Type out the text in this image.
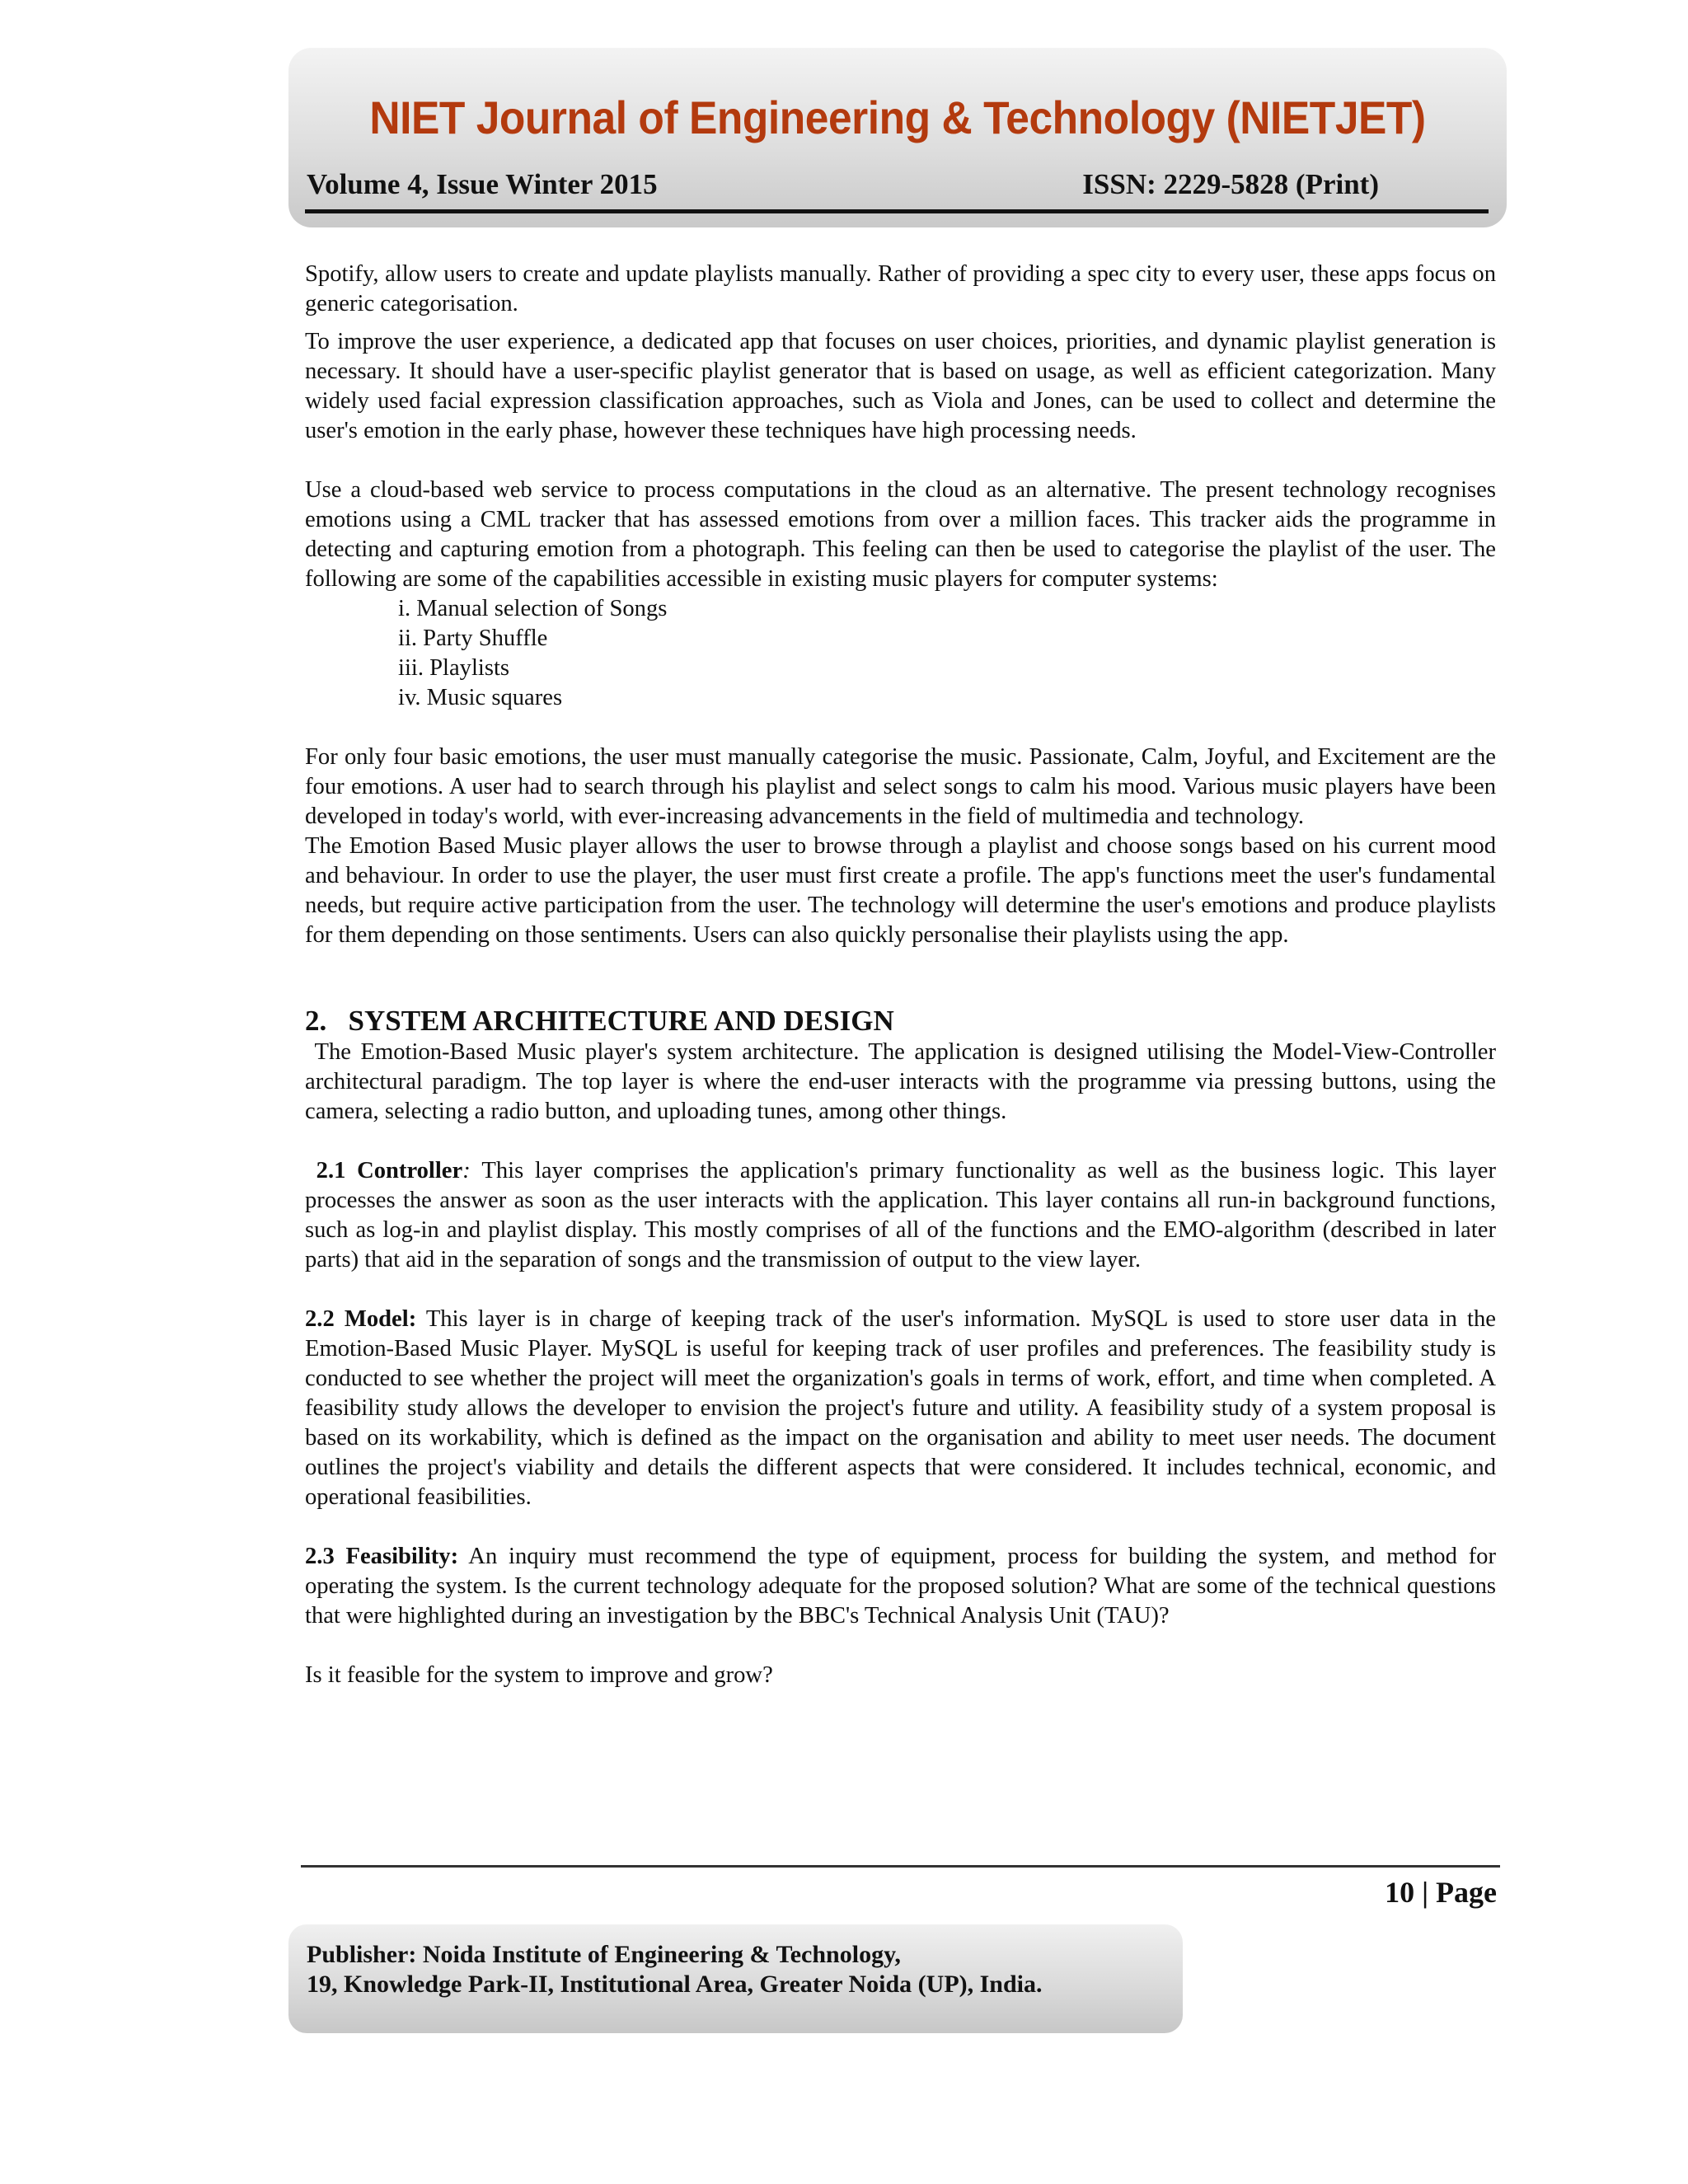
NIET Journal of Engineering & Technology (NIETJET)
Volume 4, Issue Winter 2015	ISSN: 2229-5828 (Print)

Spotify, allow users to create and update playlists manually. Rather of providing a spec city to every user, these apps focus on generic categorisation.

To improve the user experience, a dedicated app that focuses on user choices, priorities, and dynamic playlist generation is necessary. It should have a user-specific playlist generator that is based on usage, as well as efficient categorization. Many widely used facial expression classification approaches, such as Viola and Jones, can be used to collect and determine the user's emotion in the early phase, however these techniques have high processing needs.

Use a cloud-based web service to process computations in the cloud as an alternative. The present technology recognises emotions using a CML tracker that has assessed emotions from over a million faces. This tracker aids the programme in detecting and capturing emotion from a photograph. This feeling can then be used to categorise the playlist of the user. The following are some of the capabilities accessible in existing music players for computer systems:

i. Manual selection of Songs
ii. Party Shuffle
iii. Playlists
iv. Music squares

For only four basic emotions, the user must manually categorise the music. Passionate, Calm, Joyful, and Excitement are the four emotions. A user had to search through his playlist and select songs to calm his mood. Various music players have been developed in today's world, with ever-increasing advancements in the field of multimedia and technology.

The Emotion Based Music player allows the user to browse through a playlist and choose songs based on his current mood and behaviour. In order to use the player, the user must first create a profile. The app's functions meet the user's fundamental needs, but require active participation from the user. The technology will determine the user's emotions and produce playlists for them depending on those sentiments. Users can also quickly personalise their playlists using the app.

2.   SYSTEM ARCHITECTURE AND DESIGN

The Emotion-Based Music player's system architecture. The application is designed utilising the Model-View-Controller architectural paradigm. The top layer is where the end-user interacts with the programme via pressing buttons, using the camera, selecting a radio button, and uploading tunes, among other things.

2.1 Controller: This layer comprises the application's primary functionality as well as the business logic. This layer processes the answer as soon as the user interacts with the application. This layer contains all run-in background functions, such as log-in and playlist display. This mostly comprises of all of the functions and the EMO-algorithm (described in later parts) that aid in the separation of songs and the transmission of output to the view layer.

2.2 Model: This layer is in charge of keeping track of the user's information. MySQL is used to store user data in the Emotion-Based Music Player. MySQL is useful for keeping track of user profiles and preferences. The feasibility study is conducted to see whether the project will meet the organization's goals in terms of work, effort, and time when completed. A feasibility study allows the developer to envision the project's future and utility. A feasibility study of a system proposal is based on its workability, which is defined as the impact on the organisation and ability to meet user needs. The document outlines the project's viability and details the different aspects that were considered. It includes technical, economic, and operational feasibilities.

2.3 Feasibility: An inquiry must recommend the type of equipment, process for building the system, and method for operating the system. Is the current technology adequate for the proposed solution? What are some of the technical questions that were highlighted during an investigation by the BBC's Technical Analysis Unit (TAU)?

Is it feasible for the system to improve and grow?

10 | Page
Publisher: Noida Institute of Engineering & Technology,
19, Knowledge Park-II, Institutional Area, Greater Noida (UP), India.
